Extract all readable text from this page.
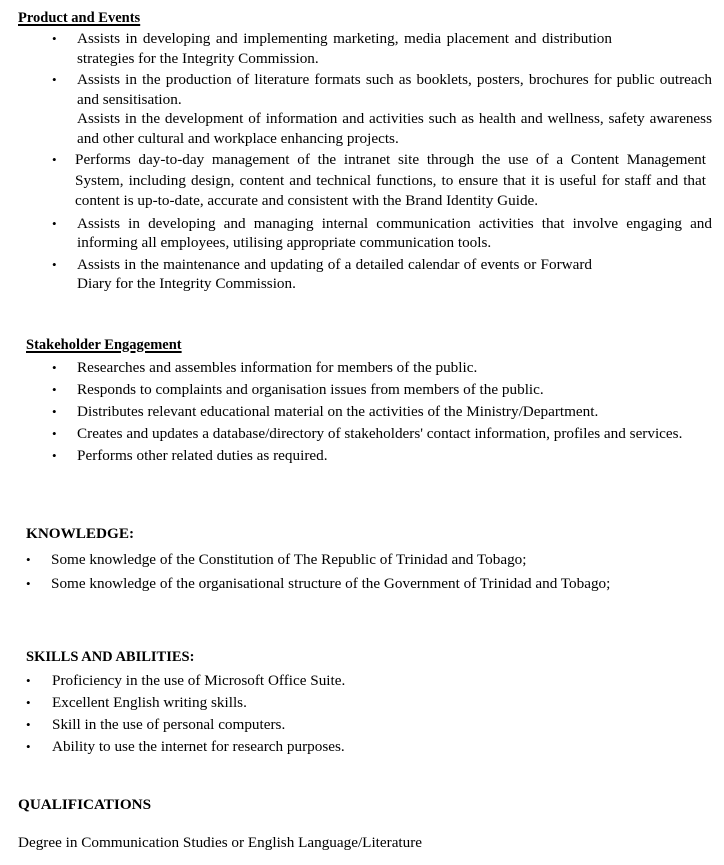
Product and Events
• Assists in developing and implementing marketing, media placement and distribution strategies for the Integrity Commission.

• Assists in the production of literature formats such as booklets, posters, brochures for public outreach and sensitisation.

Assists in the development of information and activities such as health and wellness, safety awareness and other cultural and workplace enhancing projects.

• Performs day-to-day management of the intranet site through the use of a Content Management System, including design, content and technical functions, to ensure that it is useful for staff and that content is up-to-date, accurate and consistent with the Brand Identity Guide.

• Assists in developing and managing internal communication activities that involve engaging and informing all employees, utilising appropriate communication tools.

• Assists in the maintenance and updating of a detailed calendar of events or Forward Diary for the Integrity Commission.

Stakeholder Engagement
• Researches and assembles information for members of the public.

• Responds to complaints and organisation issues from members of the public.

• Distributes relevant educational material on the activities of the Ministry/Department.

• Creates and updates a database/directory of stakeholders' contact information, profiles and services.

• Performs other related duties as required.

KNOWLEDGE:
• Some knowledge of the Constitution of The Republic of Trinidad and Tobago;

• Some knowledge of the organisational structure of the Government of Trinidad and Tobago;

SKILLS AND ABILITIES:
• Proficiency in the use of Microsoft Office Suite.

• Excellent English writing skills.

• Skill in the use of personal computers.

• Ability to use the internet for research purposes.

QUALIFICATIONS

Degree in Communication Studies or English Language/Literature
